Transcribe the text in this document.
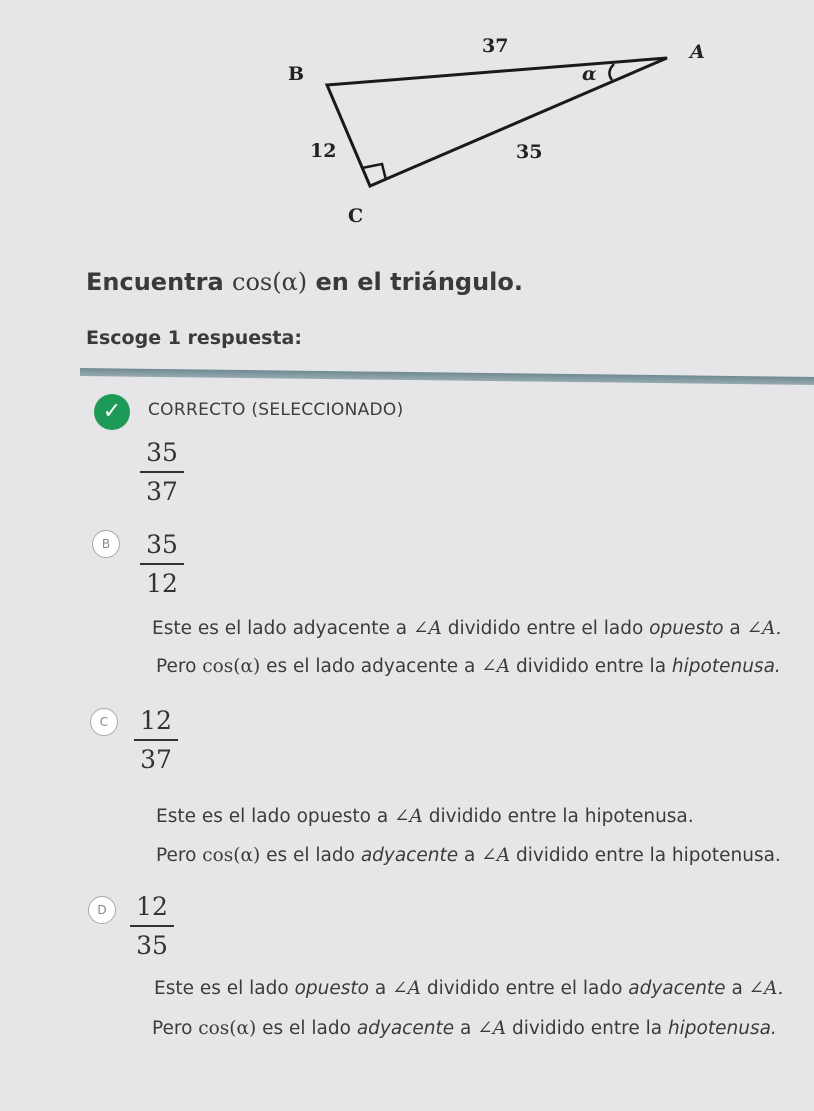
B
A
C
37
12	35
α
Encuentra cos(α) en el triángulo.
Escoge 1 respuesta:
✓	CORRECTO (SELECCIONADO)
35
37
B	35
12
Este es el lado adyacente a ∠A dividido entre el lado opuesto a ∠A.
Pero cos(α) es el lado adyacente a ∠A dividido entre la hipotenusa.
C	12
37
Este es el lado opuesto a ∠A dividido entre la hipotenusa.
Pero cos(α) es el lado adyacente a ∠A dividido entre la hipotenusa.
D	12
35
Este es el lado opuesto a ∠A dividido entre el lado adyacente a ∠A.
Pero cos(α) es el lado adyacente a ∠A dividido entre la hipotenusa.
